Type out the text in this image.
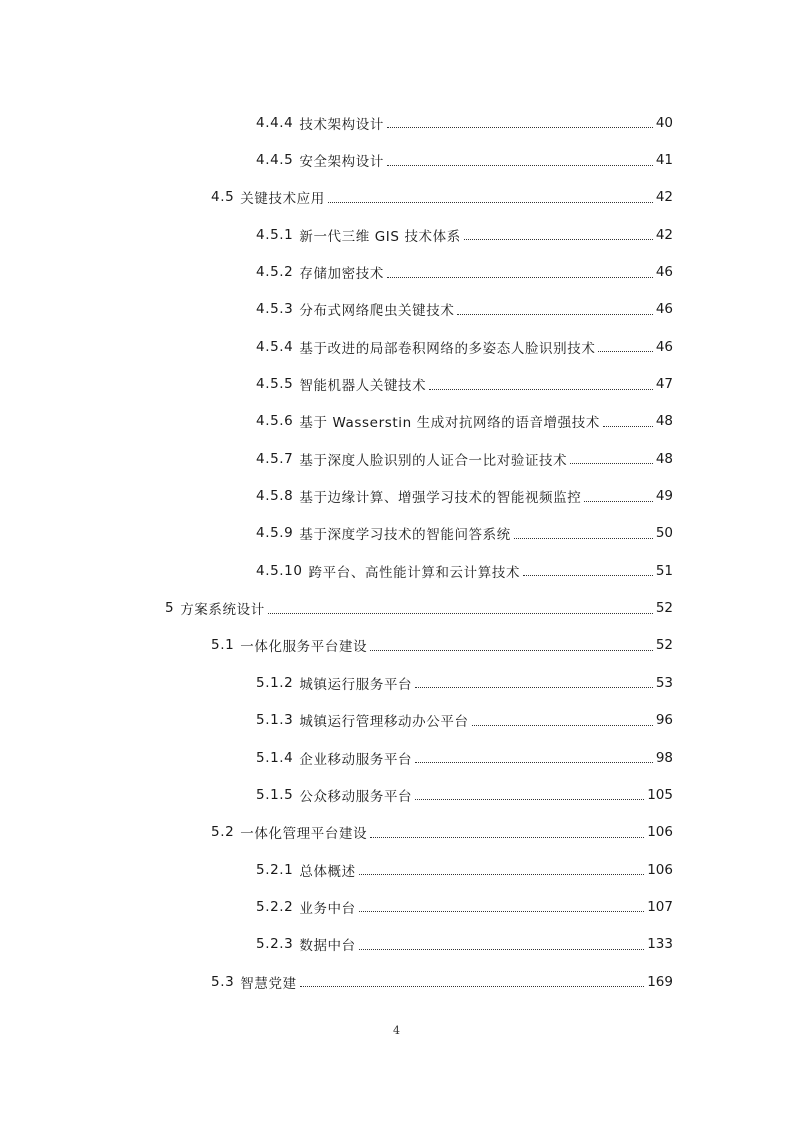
4.4.4 技术架构设计	40
4.4.5 安全架构设计	41
4.5 关键技术应用	42
4.5.1 新一代三维 GIS 技术体系	42
4.5.2 存储加密技术	46
4.5.3 分布式网络爬虫关键技术	46
4.5.4 基于改进的局部卷积网络的多姿态人脸识别技术	46
4.5.5 智能机器人关键技术	47
4.5.6 基于 Wasserstin 生成对抗网络的语音增强技术	48
4.5.7 基于深度人脸识别的人证合一比对验证技术	48
4.5.8 基于边缘计算、增强学习技术的智能视频监控	49
4.5.9 基于深度学习技术的智能问答系统	50
4.5.10 跨平台、高性能计算和云计算技术	51
5 方案系统设计	52
5.1 一体化服务平台建设	52
5.1.2 城镇运行服务平台	53
5.1.3 城镇运行管理移动办公平台	96
5.1.4 企业移动服务平台	98
5.1.5 公众移动服务平台	105
5.2 一体化管理平台建设	106
5.2.1 总体概述	106
5.2.2 业务中台	107
5.2.3 数据中台	133
5.3 智慧党建	169
4
